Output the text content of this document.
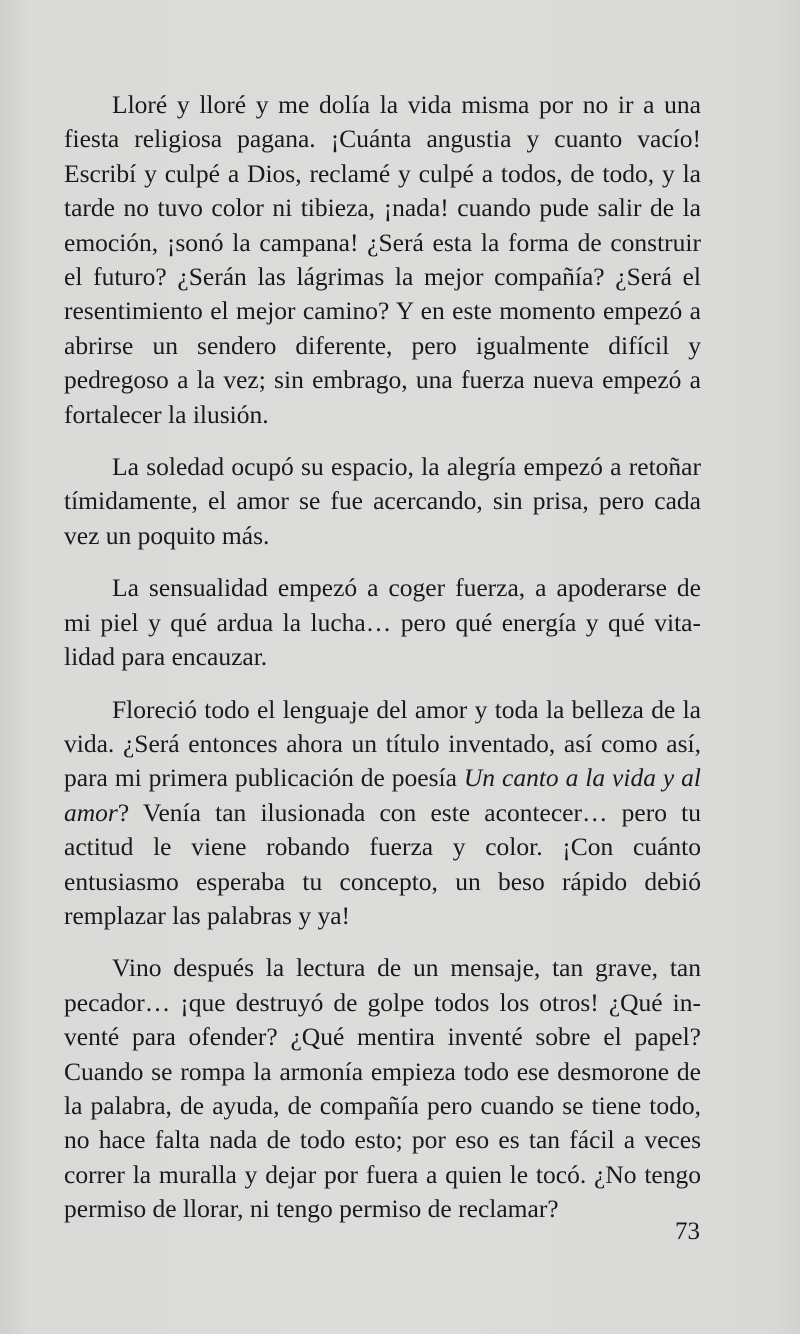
Lloré y lloré y me dolía la vida misma por no ir a una fiesta religiosa pagana. ¡Cuánta angustia y cuanto vacío! Escribí y culpé a Dios, reclamé y culpé a todos, de todo, y la tarde no tuvo color ni tibieza, ¡nada! cuando pude salir de la emoción, ¡sonó la campana! ¿Será esta la forma de construir el futuro? ¿Serán las lágrimas la mejor compañía? ¿Será el resentimiento el mejor camino? Y en este momento empezó a abrirse un sendero diferente, pero igualmente difícil y pedregoso a la vez; sin embrago, una fuerza nueva empezó a fortalecer la ilusión.

La soledad ocupó su espacio, la alegría empezó a retoñar tímidamente, el amor se fue acercando, sin prisa, pero cada vez un poquito más.

La sensualidad empezó a coger fuerza, a apoderarse de mi piel y qué ardua la lucha… pero qué energía y qué vitalidad para encauzar.

Floreció todo el lenguaje del amor y toda la belleza de la vida. ¿Será entonces ahora un título inventado, así como así, para mi primera publicación de poesía Un canto a la vida y al amor? Venía tan ilusionada con este acontecer… pero tu actitud le viene robando fuerza y color. ¡Con cuánto entusiasmo esperaba tu concepto, un beso rápido debió remplazar las palabras y ya!

Vino después la lectura de un mensaje, tan grave, tan pecador… ¡que destruyó de golpe todos los otros! ¿Qué inventé para ofender? ¿Qué mentira inventé sobre el papel? Cuando se rompa la armonía empieza todo ese desmorone de la palabra, de ayuda, de compañía pero cuando se tiene todo, no hace falta nada de todo esto; por eso es tan fácil a veces correr la muralla y dejar por fuera a quien le tocó. ¿No tengo permiso de llorar, ni tengo permiso de reclamar?

73
